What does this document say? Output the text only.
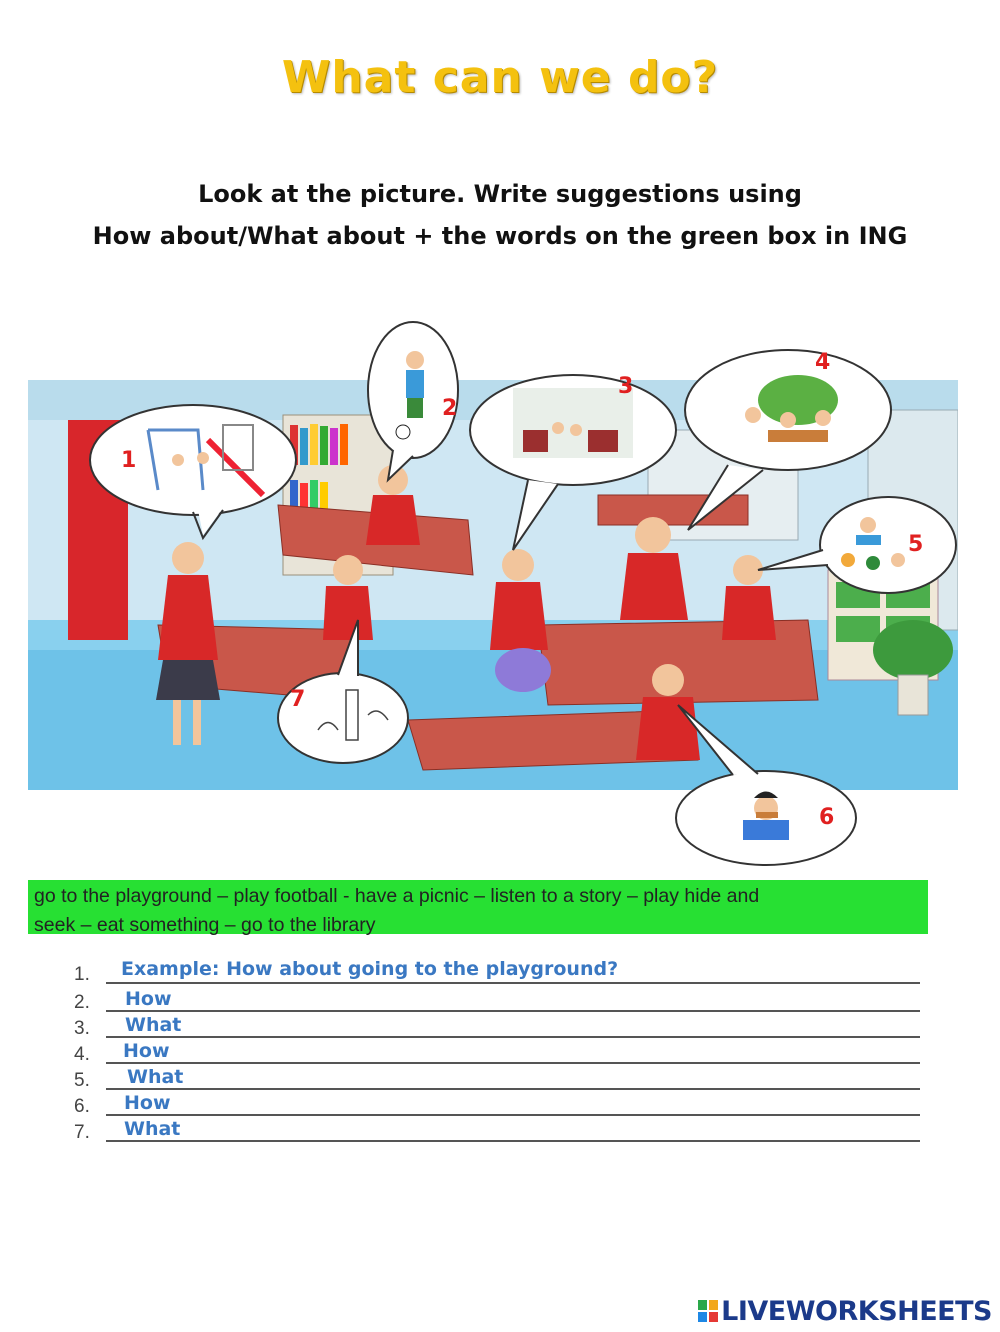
What can we do?
Look at the picture. Write suggestions using
How about/What about + the words on the green box in ING
1
2
3
4
5
6
7

go to the playground – play football - have a picnic – listen to a story – play hide and

seek – eat something – go to the library

1. Example: How about going to the playground?
2. How
3. What
4. How
5. What
6. How
7. What
LIVEWORKSHEETS
